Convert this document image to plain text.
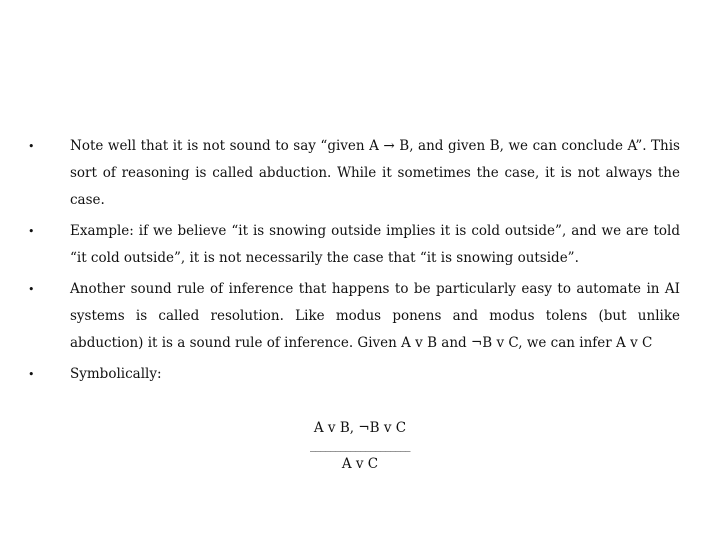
•	Note well that it is not sound to say “given A → B, and given B, we can conclude A”. This sort of reasoning is called abduction. While it sometimes the case, it is not always the case.
•	Example: if we believe “it is snowing outside implies it is cold outside”, and we are told “it cold outside”, it is not necessarily the case that “it is snowing outside”.
•	Another sound rule of inference that happens to be particularly easy to automate in AI systems is called resolution. Like modus ponens and modus tolens (but unlike abduction) it is a sound rule of inference. Given A v B and ¬B v C, we can infer A v C
•	Symbolically:
A v B, ¬B v C
____________________
A v C
